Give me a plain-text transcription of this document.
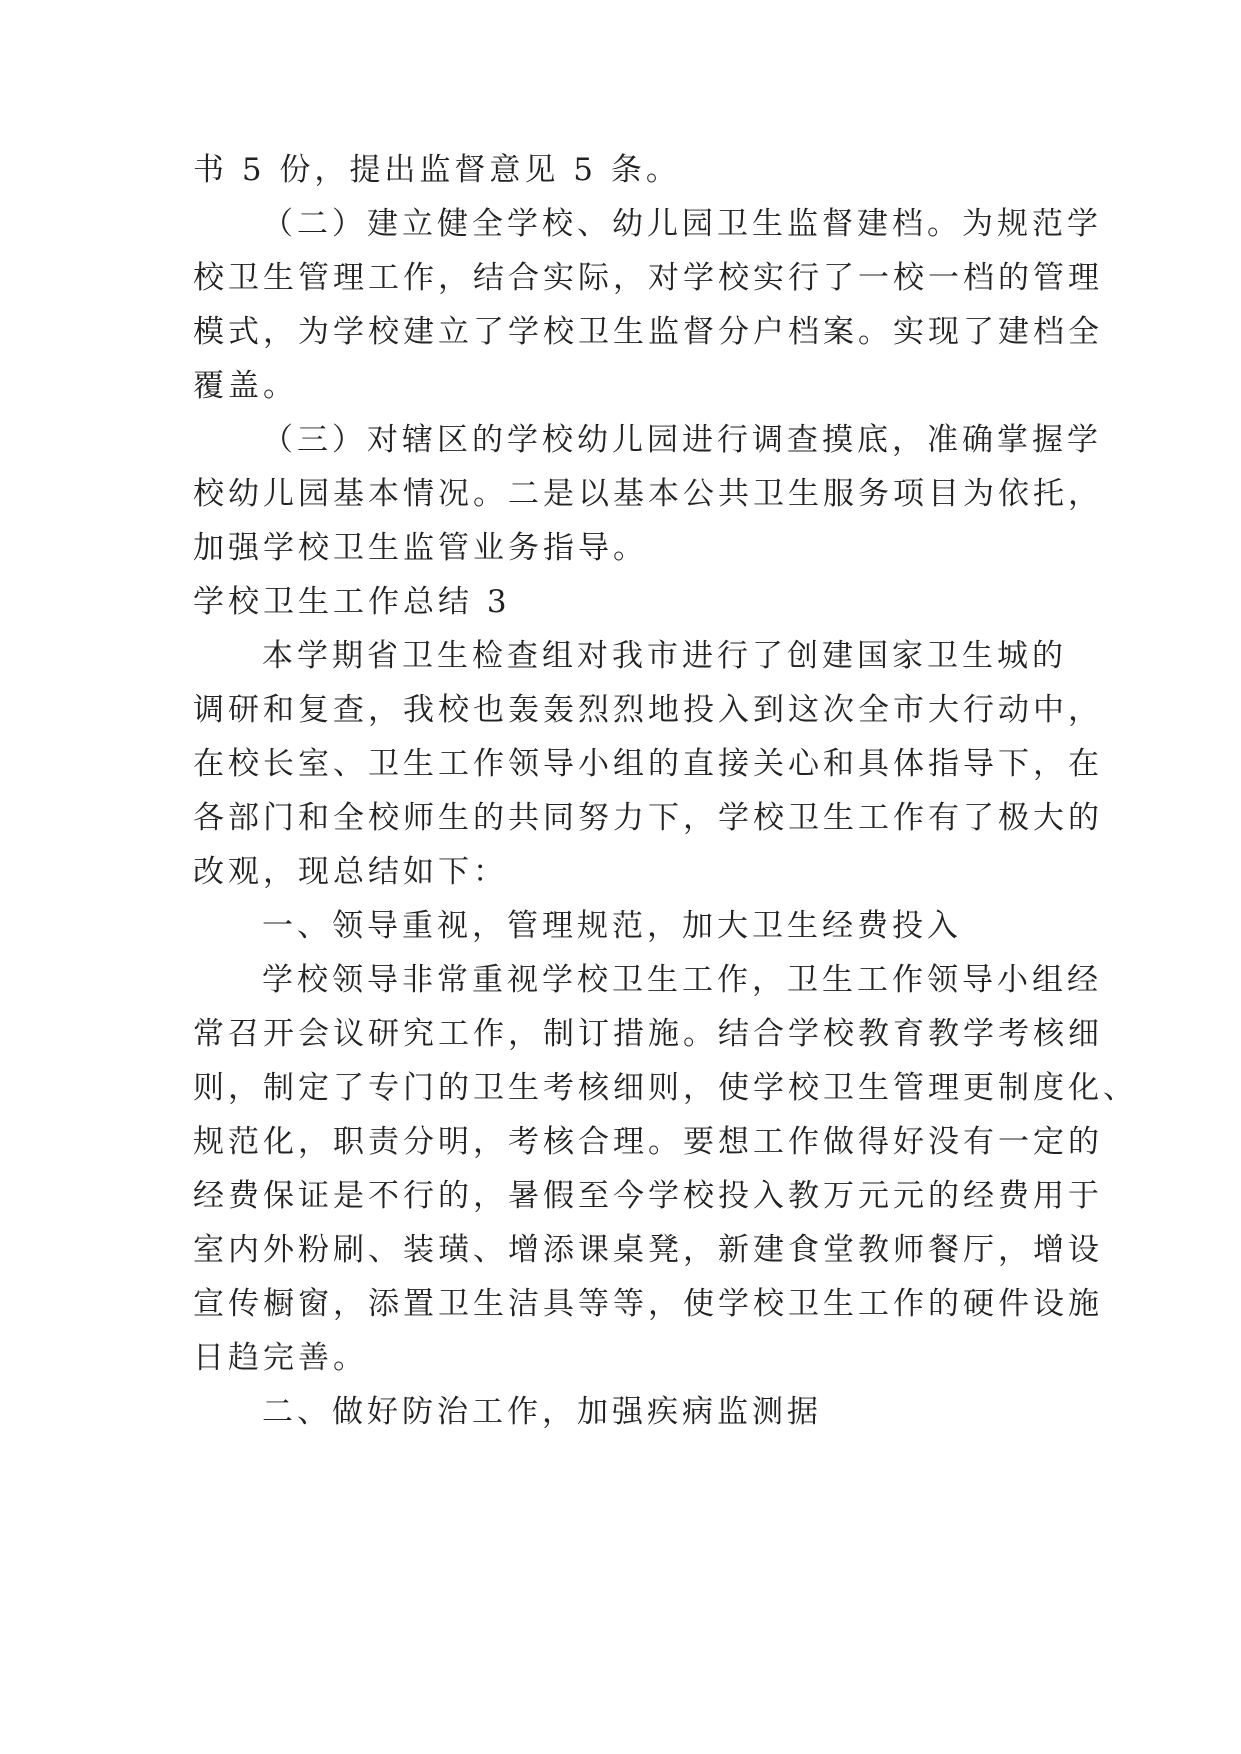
书 5 份，提出监督意见 5 条。
（二）建立健全学校、幼儿园卫生监督建档。为规范学
校卫生管理工作，结合实际，对学校实行了一校一档的管理
模式，为学校建立了学校卫生监督分户档案。实现了建档全
覆盖。
（三）对辖区的学校幼儿园进行调查摸底，准确掌握学
校幼儿园基本情况。二是以基本公共卫生服务项目为依托，
加强学校卫生监管业务指导。
学校卫生工作总结 3
本学期省卫生检查组对我市进行了创建国家卫生城的
调研和复查，我校也轰轰烈烈地投入到这次全市大行动中，
在校长室、卫生工作领导小组的直接关心和具体指导下，在
各部门和全校师生的共同努力下，学校卫生工作有了极大的
改观，现总结如下：
一、领导重视，管理规范，加大卫生经费投入
学校领导非常重视学校卫生工作，卫生工作领导小组经
常召开会议研究工作，制订措施。结合学校教育教学考核细
则，制定了专门的卫生考核细则，使学校卫生管理更制度化、
规范化，职责分明，考核合理。要想工作做得好没有一定的
经费保证是不行的，暑假至今学校投入教万元元的经费用于
室内外粉刷、装璜、增添课桌凳，新建食堂教师餐厅，增设
宣传橱窗，添置卫生洁具等等，使学校卫生工作的硬件设施
日趋完善。
二、做好防治工作，加强疾病监测据
